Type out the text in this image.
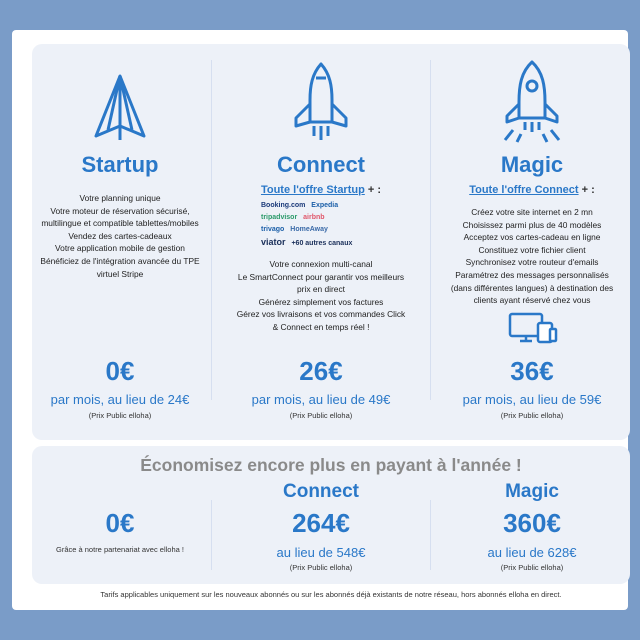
Startup
Votre planning unique
Votre moteur de réservation sécurisé,
multilingue et compatible tablettes/mobiles
Vendez des cartes-cadeaux
Votre application mobile de gestion
Bénéficiez de l'intégration avancée du TPE
virtuel Stripe
Connect
Toute l'offre Startup + :
Booking.com Expedia
tripadvisor airbnb
trivago HomeAway
viator +60 autres canaux
Votre connexion multi-canal
Le SmartConnect pour garantir vos meilleurs
prix en direct
Générez simplement vos factures
Gérez vos livraisons et vos commandes Click
& Connect en temps réel !
Magic
Toute l'offre Connect + :
Créez votre site internet en 2 mn
Choisissez parmi plus de 40 modèles
Acceptez vos cartes-cadeau en ligne
Constituez votre fichier client
Synchronisez votre routeur d'emails
Paramétrez des messages personnalisés
(dans différentes langues) à destination des
clients ayant réservé chez vous
0€	26€	36€
par mois, au lieu de 24€	par mois, au lieu de 49€	par mois, au lieu de 59€
(Prix Public elloha)	(Prix Public elloha)	(Prix Public elloha)
Économisez encore plus en payant à l'année !
0€
Grâce à notre partenariat avec elloha !
Connect
264€
au lieu de 548€
(Prix Public elloha)
Magic
360€
au lieu de 628€
(Prix Public elloha)
Tarifs applicables uniquement sur les nouveaux abonnés ou sur les abonnés déjà existants de notre réseau, hors abonnés elloha en direct.
